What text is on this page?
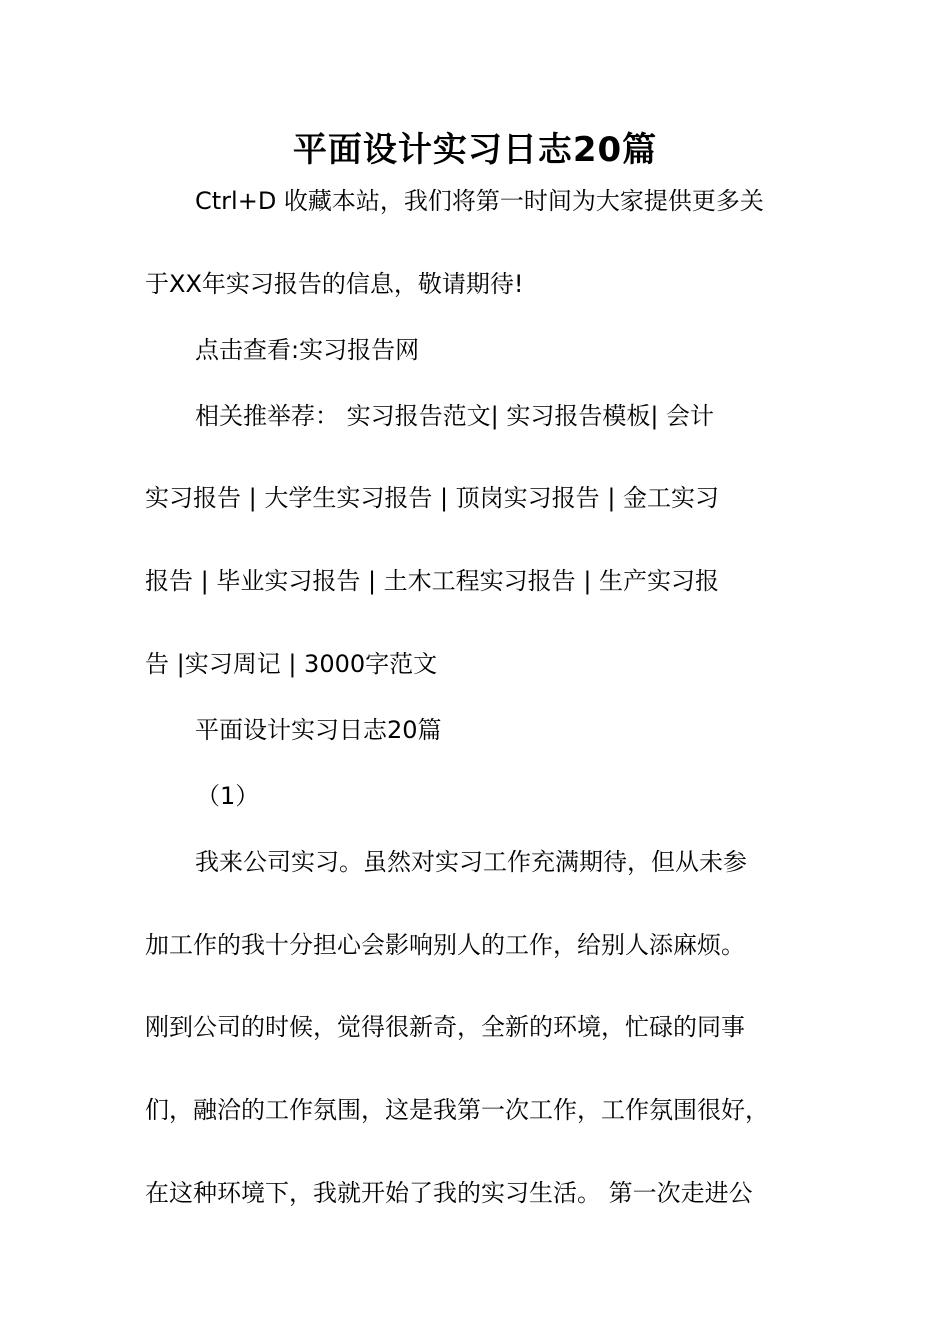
平面设计实习日志20篇

Ctrl+D 收藏本站，我们将第一时间为大家提供更多关

于XX年实习报告的信息，敬请期待!

点击查看:实习报告网

相关推举荐： 实习报告范文| 实习报告模板| 会计

实习报告 | 大学生实习报告 | 顶岗实习报告 | 金工实习

报告 | 毕业实习报告 | 土木工程实习报告 | 生产实习报

告 |实习周记 | 3000字范文

平面设计实习日志20篇

（1）

我来公司实习。虽然对实习工作充满期待，但从未参

加工作的我十分担心会影响别人的工作，给别人添麻烦。

刚到公司的时候，觉得很新奇，全新的环境，忙碌的同事

们，融洽的工作氛围，这是我第一次工作，工作氛围很好，

在这种环境下，我就开始了我的实习生活。 第一次走进公
